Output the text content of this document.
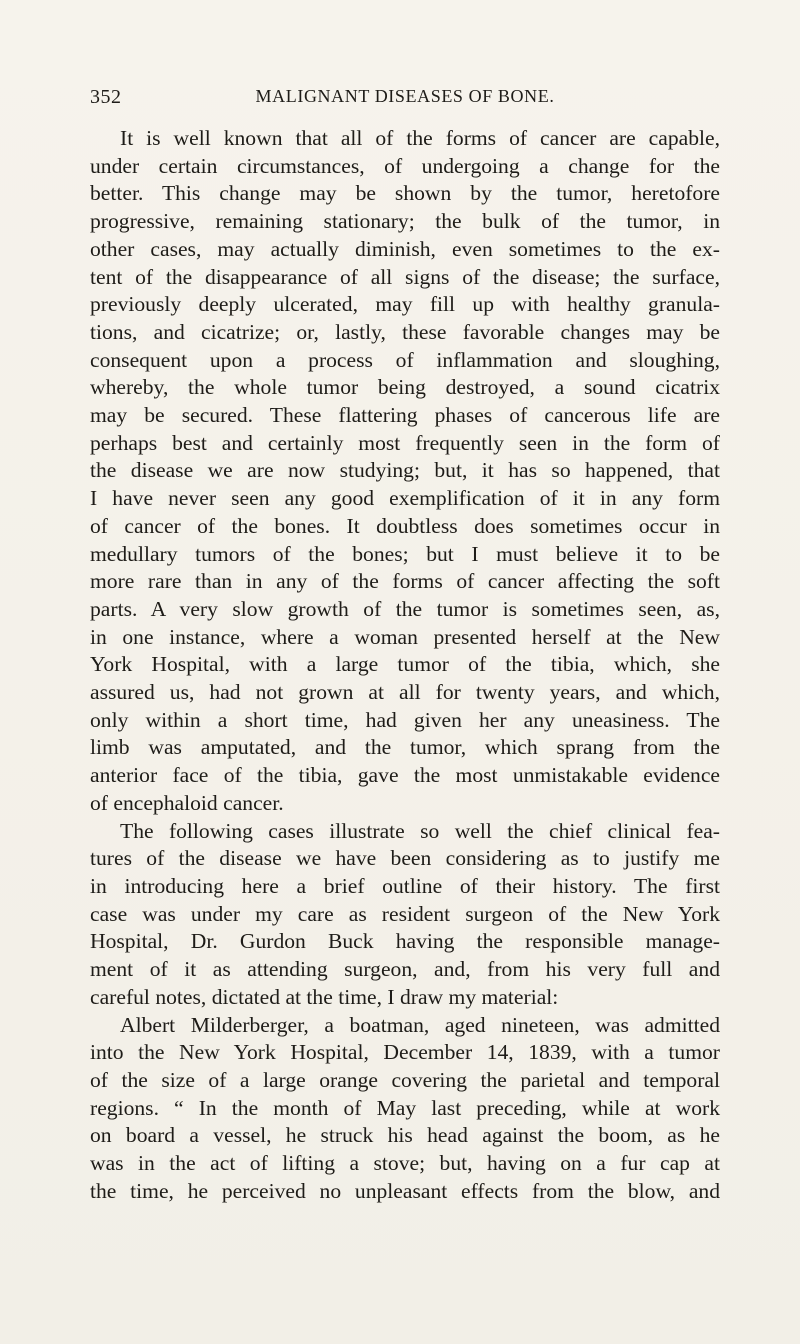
352	MALIGNANT DISEASES OF BONE.

It is well known that all of the forms of cancer are capable,
under certain circumstances, of undergoing a change for the
better. This change may be shown by the tumor, heretofore
progressive, remaining stationary; the bulk of the tumor, in
other cases, may actually diminish, even sometimes to the ex-
tent of the disappearance of all signs of the disease; the surface,
previously deeply ulcerated, may fill up with healthy granula-
tions, and cicatrize; or, lastly, these favorable changes may be
consequent upon a process of inflammation and sloughing,
whereby, the whole tumor being destroyed, a sound cicatrix
may be secured. These flattering phases of cancerous life are
perhaps best and certainly most frequently seen in the form of
the disease we are now studying; but, it has so happened, that
I have never seen any good exemplification of it in any form
of cancer of the bones. It doubtless does sometimes occur in
medullary tumors of the bones; but I must believe it to be
more rare than in any of the forms of cancer affecting the soft
parts. A very slow growth of the tumor is sometimes seen, as,
in one instance, where a woman presented herself at the New
York Hospital, with a large tumor of the tibia, which, she
assured us, had not grown at all for twenty years, and which,
only within a short time, had given her any uneasiness. The
limb was amputated, and the tumor, which sprang from the
anterior face of the tibia, gave the most unmistakable evidence
of encephaloid cancer.

The following cases illustrate so well the chief clinical fea-
tures of the disease we have been considering as to justify me
in introducing here a brief outline of their history. The first
case was under my care as resident surgeon of the New York
Hospital, Dr. Gurdon Buck having the responsible manage-
ment of it as attending surgeon, and, from his very full and
careful notes, dictated at the time, I draw my material:

Albert Milderberger, a boatman, aged nineteen, was admitted
into the New York Hospital, December 14, 1839, with a tumor
of the size of a large orange covering the parietal and temporal
regions. “ In the month of May last preceding, while at work
on board a vessel, he struck his head against the boom, as he
was in the act of lifting a stove; but, having on a fur cap at
the time, he perceived no unpleasant effects from the blow, and
